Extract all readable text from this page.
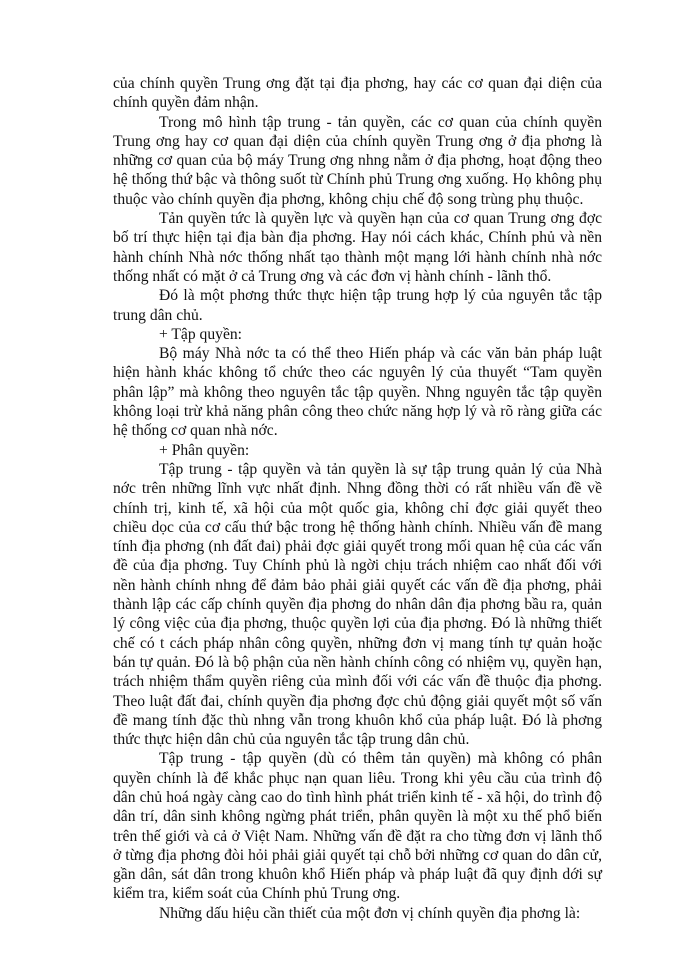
của chính quyền Trung ơng đặt tại địa phơng, hay các cơ quan đại diện của chính quyền đảm nhận.

Trong mô hình tập trung - tản quyền, các cơ quan của chính quyền Trung ơng hay cơ quan đại diện của chính quyền Trung ơng ở địa phơng là những cơ quan của bộ máy Trung ơng nhng nằm ở địa phơng, hoạt động theo hệ thống thứ bậc và thông suốt từ Chính phủ Trung ơng xuống. Họ không phụ thuộc vào chính quyền địa phơng, không chịu chế độ song trùng phụ thuộc.

Tản quyền tức là quyền lực và quyền hạn của cơ quan Trung ơng đợc bố trí thực hiện tại địa bàn địa phơng. Hay nói cách khác, Chính phủ và nền hành chính Nhà nớc thống nhất tạo thành một mạng lới hành chính nhà nớc thống nhất có mặt ở cả Trung ơng và các đơn vị hành chính - lãnh thổ.

Đó là một phơng thức thực hiện tập trung hợp lý của nguyên tắc tập trung dân chủ.

+ Tập quyền:

Bộ máy Nhà nớc ta có thể theo Hiến pháp và các văn bản pháp luật hiện hành khác không tổ chức theo các nguyên lý của thuyết “Tam quyền phân lập” mà không theo nguyên tắc tập quyền. Nhng nguyên tắc tập quyền không loại trừ khả năng phân công theo chức năng hợp lý và rõ ràng giữa các hệ thống cơ quan nhà nớc.

+ Phân quyền:

Tập trung - tập quyền và tản quyền là sự tập trung quản lý của Nhà nớc trên những lĩnh vực nhất định. Nhng đồng thời có rất nhiều vấn đề về chính trị, kinh tế, xã hội của một quốc gia, không chỉ đợc giải quyết theo chiều dọc của cơ cấu thứ bậc trong hệ thống hành chính. Nhiều vấn đề mang tính địa phơng (nh đất đai) phải đợc giải quyết trong mối quan hệ của các vấn đề của địa phơng. Tuy Chính phủ là ngời chịu trách nhiệm cao nhất đối với nền hành chính nhng để đảm bảo phải giải quyết các vấn đề địa phơng, phải thành lập các cấp chính quyền địa phơng do nhân dân địa phơng bầu ra, quản lý công việc của địa phơng, thuộc quyền lợi của địa phơng. Đó là những thiết chế có t cách pháp nhân công quyền, những đơn vị mang tính tự quản hoặc bán tự quản. Đó là bộ phận của nền hành chính công có nhiệm vụ, quyền hạn, trách nhiệm thẩm quyền riêng của mình đối với các vấn đề thuộc địa phơng. Theo luật đất đai, chính quyền địa phơng đợc chủ động giải quyết một số vấn đề mang tính đặc thù nhng vẫn trong khuôn khổ của pháp luật. Đó là phơng thức thực hiện dân chủ của nguyên tắc tập trung dân chủ.

Tập trung - tập quyền (dù có thêm tản quyền) mà không có phân quyền chính là để khắc phục nạn quan liêu. Trong khi yêu cầu của trình độ dân chủ hoá ngày càng cao do tình hình phát triển kinh tế - xã hội, do trình độ dân trí, dân sinh không ngừng phát triển, phân quyền là một xu thế phổ biến trên thế giới và cả ở Việt Nam. Những vấn đề đặt ra cho từng đơn vị lãnh thổ ở từng địa phơng đòi hỏi phải giải quyết tại chỗ bởi những cơ quan do dân cử, gần dân, sát dân trong khuôn khổ Hiến pháp và pháp luật đã quy định dới sự kiểm tra, kiểm soát của Chính phủ Trung ơng.

Những dấu hiệu cần thiết của một đơn vị chính quyền địa phơng là:
